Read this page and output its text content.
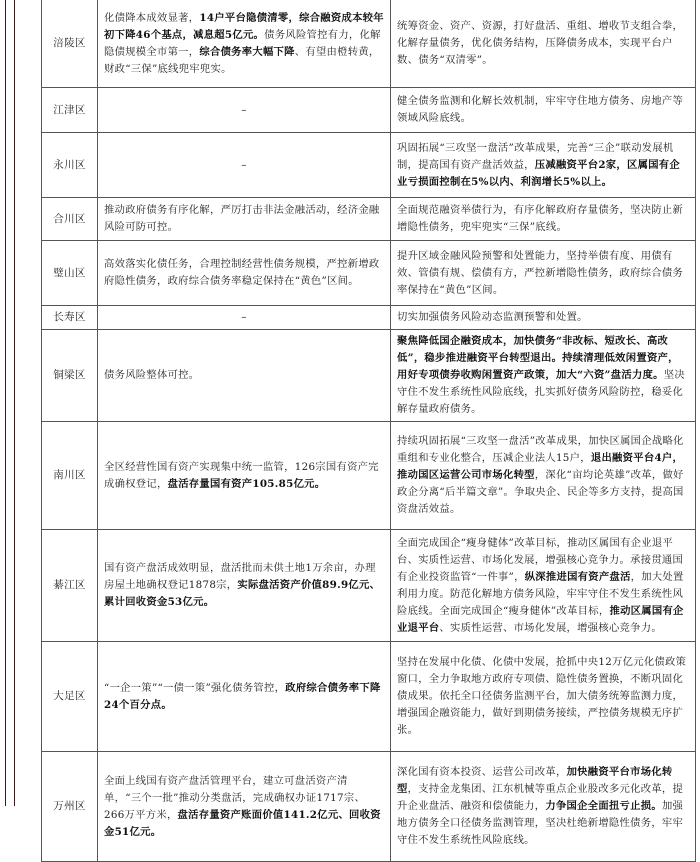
涪陵区	化债降本成效显著，14户平台隐债清零，综合融资成本较年初下降46个基点，减息超5亿元。债务风险管控有力，化解隐债规模全市第一，综合债务率大幅下降、有望由橙转黄，财政“三保”底线兜牢兜实。	统筹资金、资产、资源，打好盘活、重组、增收节支组合拳，化解存量债务，优化债务结构，压降债务成本，实现平台户数、债务“双清零”。
江津区	–	健全债务监测和化解长效机制，牢牢守住地方债务、房地产等领域风险底线。
永川区	–	巩固拓展“三攻坚一盘活”改革成果，完善“三企”联动发展机制，提高国有资产盘活效益，压减融资平台2家，区属国有企业亏损面控制在5%以内、利润增长5%以上。
合川区	推动政府债务有序化解，严厉打击非法金融活动，经济金融风险可防可控。	全面规范融资举债行为，有序化解政府存量债务，坚决防止新增隐性债务，兜牢兜实“三保”底线。
璧山区	高效落实化债任务，合理控制经营性债务规模，严控新增政府隐性债务，政府综合债务率稳定保持在“黄色”区间。	提升区域金融风险预警和处置能力，坚持举债有度、用债有效、管债有规、偿债有方，严控新增隐性债务，政府综合债务率保持在“黄色”区间。
长寿区	–	切实加强债务风险动态监测预警和处置。
铜梁区	债务风险整体可控。	聚焦降低国企融资成本，加快债务“非改标、短改长、高改低”，稳步推进融资平台转型退出。持续清理低效闲置资产，用好专项债券收购闲置资产政策，加大“六资”盘活力度。坚决守住不发生系统性风险底线，扎实抓好债务风险防控，稳妥化解存量政府债务。
南川区	全区经营性国有资产实现集中统一监管，126宗国有资产完成确权登记，盘活存量国有资产105.85亿元。	持续巩固拓展“三攻坚一盘活”改革成果，加快区属国企战略化重组和专业化整合，压减企业法人15户，退出融资平台4户，推动国区运营公司市场化转型，深化“亩均论英雄”改革，做好政企分离“后半篇文章”。争取央企、民企等多方支持，提高国资盘活效益。
綦江区	国有资产盘活成效明显，盘活批而未供土地1万余亩，办理房屋土地确权登记1878宗，实际盘活资产价值89.9亿元、累计回收资金53亿元。	全面完成国企“瘦身健体”改革目标，推动区属国有企业退平台、实质性运营、市场化发展，增强核心竞争力。承接贯通国有企业投资监管“一件事”，纵深推进国有资产盘活，加大处置利用力度。防范化解地方债务风险，牢牢守住不发生系统性风险底线。全面完成国企“瘦身健体”改革目标，推动区属国有企业退平台、实质性运营、市场化发展，增强核心竞争力。
大足区	“一企一策”“一债一策”强化债务管控，政府综合债务率下降24个百分点。	坚持在发展中化债、化债中发展，抢抓中央12万亿元化债政策窗口，全力争取地方政府专项债、隐性债务置换，不断巩固化债成果。依托全口径债务监测平台，加大债务统筹监测力度，增强国企融资能力，做好到期债务接续，严控债务规模无序扩张。
万州区	全面上线国有资产盘活管理平台，建立可盘活资产清单，“三个一批”推动分类盘活，完成确权办证1717宗、266万平方米，盘活存量资产账面价值141.2亿元、回收资金51亿元。	深化国有资本投资、运营公司改革，加快融资平台市场化转型，支持金龙集团、江东机械等重点企业股改多元化改革，提升企业盘活、融资和偿债能力，力争国企全面扭亏止损。加强地方债务全口径债务监测管理，坚决杜绝新增隐性债务，牢牢守住不发生系统性风险底线。
